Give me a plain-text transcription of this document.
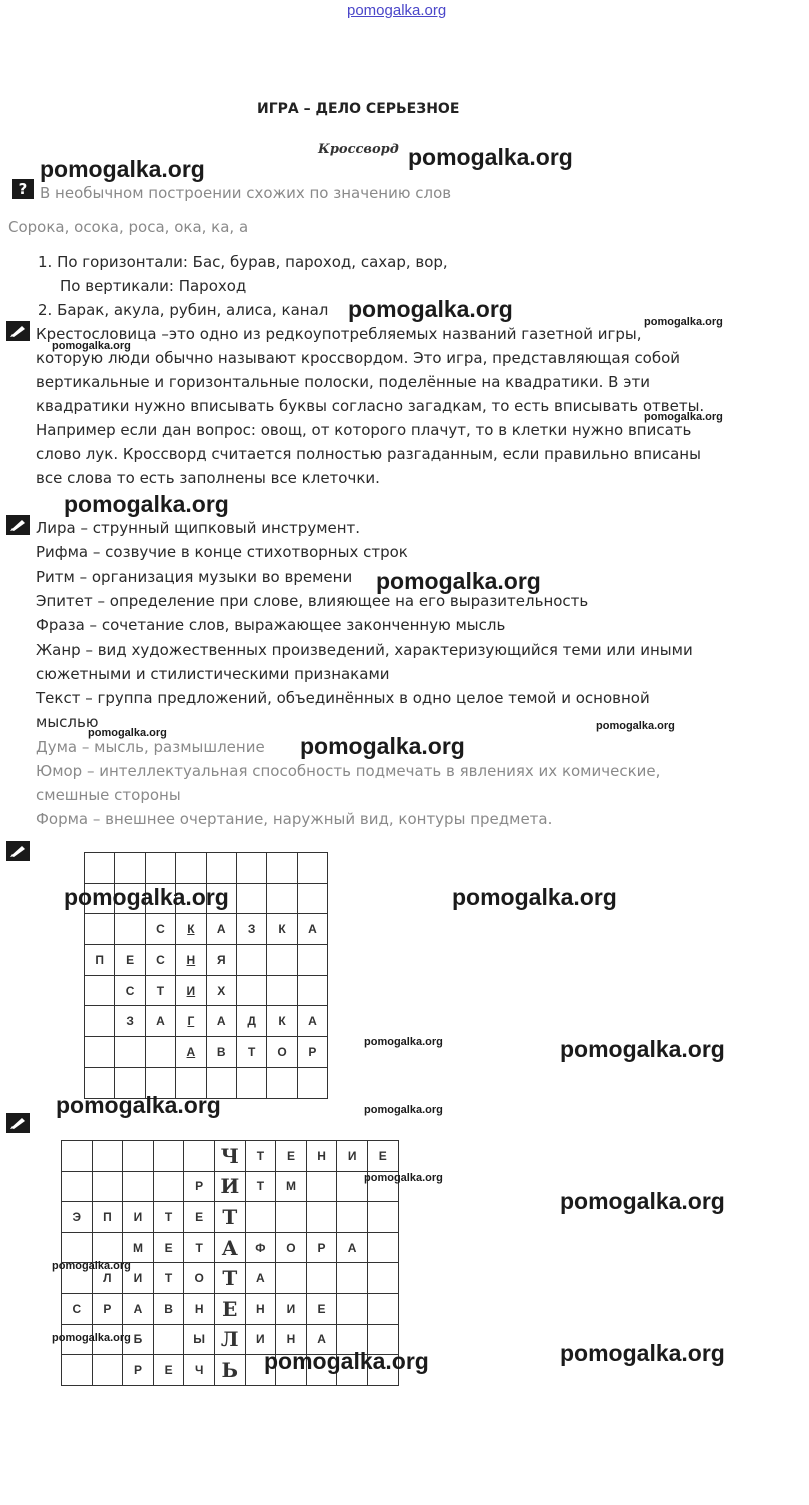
pomogalka.org
ИГРА – ДЕЛО СЕРЬЕЗНОЕ
Кроссворд
? В необычном построении схожих по значению слов
Сорока, осока, роса, ока, ка, а
1. По горизонтали: Бас, бурав, пароход, сахар, вор,
По вертикали: Пароход
2. Барак, акула, рубин, алиса, канал
Крестословица –это одно из редкоупотребляемых названий газетной игры,
которую люди обычно называют кроссвордом. Это игра, представляющая собой
вертикальные и горизонтальные полоски, поделённые на квадратики. В эти
квадратики нужно вписывать буквы согласно загадкам, то есть вписывать ответы.
Например если дан вопрос: овощ, от которого плачут, то в клетки нужно вписать
слово лук. Кроссворд считается полностью разгаданным, если правильно вписаны
все слова то есть заполнены все клеточки.
Лира – струнный щипковый инструмент.
Рифма – созвучие в конце стихотворных строк
Ритм – организация музыки во времени
Эпитет – определение при слове, влияющее на его выразительность
Фраза – сочетание слов, выражающее законченную мысль
Жанр – вид художественных произведений, характеризующийся теми или иными
сюжетными и стилистическими признаками
Текст – группа предложений, объединённых в одно целое темой и основной
мыслью
Дума – мысль, размышление
Юмор – интеллектуальная способность подмечать в явлениях их комические,
смешные стороны
Форма – внешнее очертание, наружный вид, контуры предмета.

		С	К	А	З	К	А
П	Е	С	Н	Я			
	С	Т	И	Х			
	З	А	Г	А	Д	К	А
			А	В	Т	О	Р

					Ч	Т	Е	Н	И	Е
				Р	И	Т	М			
Э	П	И	Т	Е	Т					
		М	Е	Т	А	Ф	О	Р	А	
	Л	И	Т	О	Т	А				
С	Р	А	В	Н	Е	Н	И	Е		
		Б		Ы	Л	И	Н	А		
		Р	Е	Ч	Ь					
pomogalka.org	pomogalka.org
pomogalka.org	pomogalka.org
pomogalka.org
pomogalka.org
pomogalka.org
pomogalka.org
pomogalka.org
pomogalka.org
pomogalka.org
pomogalka.org	pomogalka.org
pomogalka.org	pomogalka.org
pomogalka.org	pomogalka.org
pomogalka.org
pomogalka.org
pomogalka.org
pomogalka.org
pomogalka.org	pomogalka.org
